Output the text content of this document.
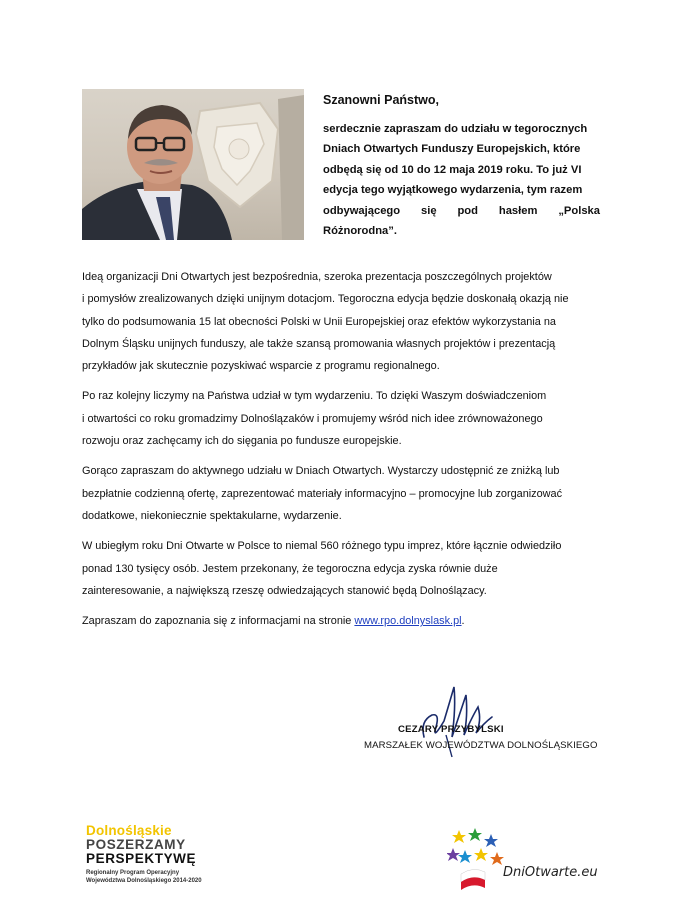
Szanowni Państwo,
serdecznie zapraszam do udziału w tegorocznych
Dniach Otwartych Funduszy Europejskich, które
odbędą się od 10 do 12 maja 2019 roku. To już VI
edycja tego wyjątkowego wydarzenia, tym razem
odbywającego się pod hasłem „Polska Różnorodna”.

Ideą organizacji Dni Otwartych jest bezpośrednia, szeroka prezentacja poszczególnych projektów
i pomysłów zrealizowanych dzięki unijnym dotacjom. Tegoroczna edycja będzie doskonałą okazją nie
tylko do podsumowania 15 lat obecności Polski w Unii Europejskiej oraz efektów wykorzystania na
Dolnym Śląsku unijnych funduszy, ale także szansą promowania własnych projektów i prezentacją
przykładów jak skutecznie pozyskiwać wsparcie z programu regionalnego.

Po raz kolejny liczymy na Państwa udział w tym wydarzeniu. To dzięki Waszym doświadczeniom
i otwartości co roku gromadzimy Dolnoślązaków i promujemy wśród nich idee zrównoważonego
rozwoju oraz zachęcamy ich do sięgania po fundusze europejskie.

Gorąco zapraszam do aktywnego udziału w Dniach Otwartych. Wystarczy udostępnić ze zniżką lub
bezpłatnie codzienną ofertę, zaprezentować materiały informacyjno – promocyjne lub zorganizować
dodatkowe, niekoniecznie spektakularne, wydarzenie.

W ubiegłym roku Dni Otwarte w Polsce to niemal 560 różnego typu imprez, które łącznie odwiedziło
ponad 130 tysięcy osób. Jestem przekonany, że tegoroczna edycja zyska równie duże
zainteresowanie, a największą rzeszę odwiedzających stanowić będą Dolnoślązacy.

Zapraszam do zapoznania się z informacjami na stronie www.rpo.dolnyslask.pl.

CEZARY PRZYBYLSKI
MARSZAŁEK WOJEWÓDZTWA DOLNOŚLĄSKIEGO
Dolnośląskie
POSZERZAMY
PERSPEKTYWĘ
Regionalny Program Operacyjny
Województwa Dolnośląskiego 2014-2020
DniOtwarte.eu
